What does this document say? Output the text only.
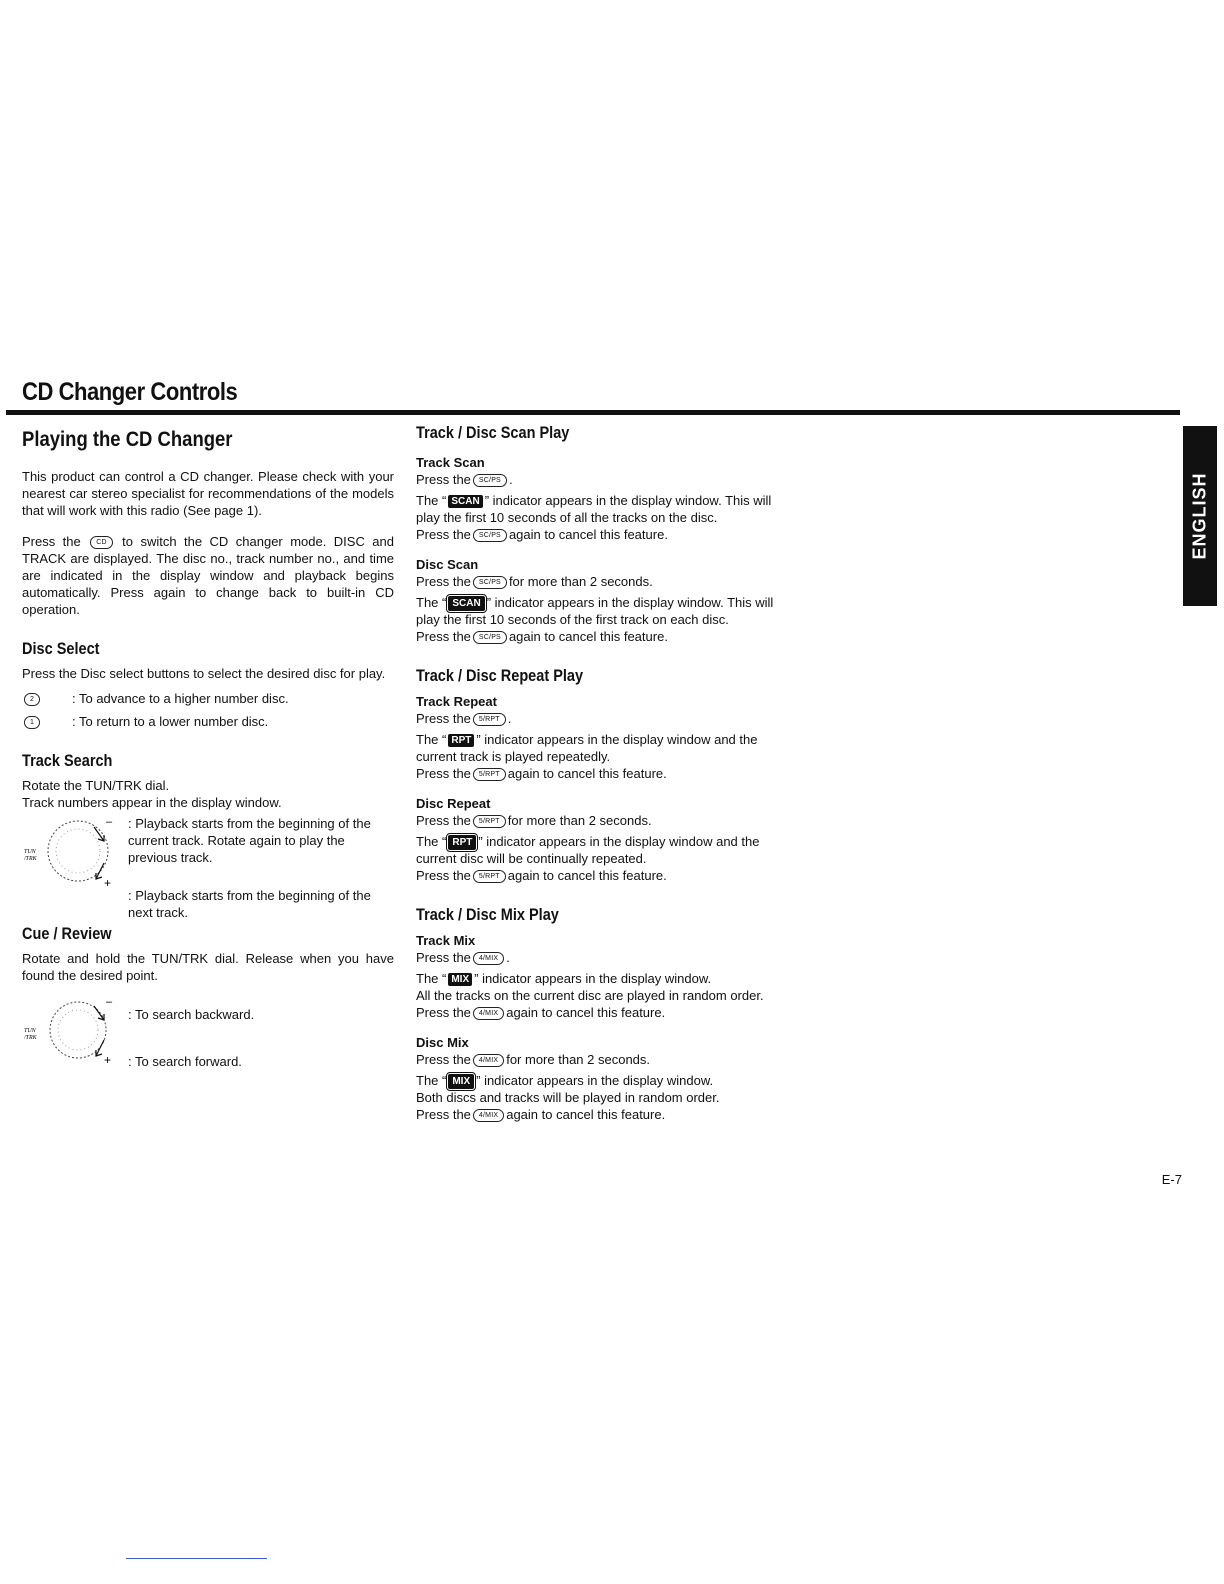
CD Changer Controls
ENGLISH
Playing the CD Changer

This product can control a CD changer. Please check with your nearest car stereo specialist for recommendations of the models that will work with this radio (See page 1).

Press the CD to switch the CD changer mode. DISC and TRACK are displayed. The disc no., track number no., and time are indicated in the display window and playback begins automatically. Press again to change back to built-in CD operation.

Disc Select

Press the Disc select buttons to select the desired disc for play.

2	: To advance to a higher number disc.
1	: To return to a lower number disc.
Track Search

Rotate the TUN/TRK dial.

Track numbers appear in the display window.

–
+
TUN
/TRK

: Playback starts from the beginning of the current track. Rotate again to play the previous track.

: Playback starts from the beginning of the next track.

Cue / Review

Rotate and hold the TUN/TRK dial. Release when you have found the desired point.

–
+
TUN
/TRK

: To search backward.

: To search forward.

Track / Disc Scan Play
Track Scan

Press the SC/PS .

The “ SCAN ” indicator appears in the display window. This will play the first 10 seconds of all the tracks on the disc.

Press the SC/PS again to cancel this feature.

Disc Scan

Press the SC/PS for more than 2 seconds.

The “ SCAN ” indicator appears in the display window. This will play the first 10 seconds of the first track on each disc.

Press the SC/PS again to cancel this feature.

Track / Disc Repeat Play
Track Repeat

Press the 5/RPT .

The “ RPT ” indicator appears in the display window and the current track is played repeatedly.

Press the 5/RPT again to cancel this feature.

Disc Repeat

Press the 5/RPT for more than 2 seconds.

The “ RPT ” indicator appears in the display window and the current disc will be continually repeated.

Press the 5/RPT again to cancel this feature.

Track / Disc Mix Play
Track Mix

Press the 4/MIX .

The “ MIX ” indicator appears in the display window.

All the tracks on the current disc are played in random order.

Press the 4/MIX again to cancel this feature.

Disc Mix

Press the 4/MIX for more than 2 seconds.

The “ MIX ” indicator appears in the display window.

Both discs and tracks will be played in random order.

Press the 4/MIX again to cancel this feature.

E-7
